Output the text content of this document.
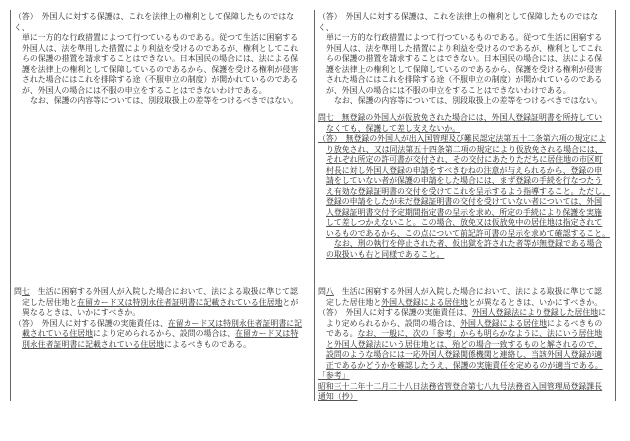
（答）　外国人に対する保護は、これを法律上の権利として保障したものではなく、
単に一方的な行政措置によつて行つているものである。従つて生活に困窮する
外国人は、法を準用した措置により利益を受けるのであるが、権利としてこれ
らの保護の措置を請求することはできない。日本国民の場合には、法による保
護を法律上の権利として保障しているのであるから、保護を受ける権利が侵害
された場合にはこれを排除する途（不服申立の制度）が開かれているのである
が、外国人の場合には不服の申立をすることはできないわけである。
なお、保護の内容等については、別段取扱上の差等をつけるべきではない。
問七　生活に困窮する外国人が入院した場合において、法による取扱に準じて認
定した居住地と在留カード又は特別永住者証明書に記載されている住居地とが
異なるときは、いかにすべきか。
（答）　外国人に対する保護の実施責任は、在留カード又は特別永住者証明書に記
載されている住居地により定められるから、設問の場合は、在留カード又は特
別永住者証明書に記載されている住居地によるべきものである。
（答）　外国人に対する保護は、これを法律上の権利として保障したものではなく、
単に一方的な行政措置によつて行つているものである。従つて生活に困窮する
外国人は、法を準用した措置により利益を受けるのであるが、権利としてこれ
らの保護の措置を請求することはできない。日本国民の場合には、法による保
護を法律上の権利として保障しているのであるから、保護を受ける権利が侵害
された場合にはこれを排除する途（不服申立の制度）が開かれているのである
が、外国人の場合には不服の申立をすることはできないわけである。
なお、保護の内容等については、別段取扱上の差等をつけるべきではない。
問七　無登録の外国人が仮放免された場合には、外国人登録証明書を所持してい
なくても、保護して差し支えないか。
（答）　無登録の外国人が出入国管理及び難民認定法第五十二条第六項の規定によ
り放免され、又は同法第五十四条第二項の規定により仮放免される場合には、
それぞれ所定の許可書が交付され、その交付にあたりただちに居住地の市区町
村長に対し外国人登録の申請をすべきむねの注意が与えられるから、登録の申
請をしていない者が保護の申請をした場合には、まず登録の手続を行なつたう
え有効な登録証明書の交付を受けてこれを呈示するよう指導すること。ただし、
登録の申請をしたが未だ登録証明書の交付を受けていない者については、外国
人登録証明書交付予定期間指定書の呈示を求め、所定の手続により保護を実施
して差しつかえないこと。この場合、放免又は仮放免中の居住地は指定されて
いるものであるから、この点について前記許可書の呈示を求めて確認すること。
なお、刑の執行を停止された者、仮出獄を許された者等が無登録である場合
の取扱いも右と同様であること。
問八　生活に困窮する外国人が入院した場合において、法による取扱に準じて認
定した居住地と外国人登録による居住地とが異なるときは、いかにすべきか。
（答）　外国人に対する保護の実施責任は、外国人登録法により登録した居住地に
より定められるから、設問の場合は、外国人登録による居住地によるべきもの
である。なお、一般に、次の「参考」からも明らかなように、法にいう居住地
と外国人登録法にいう居住地とは、殆どの場合一致するものと解されるので、
設問のような場合には一応外国人登録関係機関と連絡し、当該外国人登録が適
正であるかどうかを確認したうえ、保護の実施責任を定めるのが適当である。
「参考」
昭和三十二年十二月二十八日法務省管登合第七八九号法務省入国管理局登録課長
通知（抄）
